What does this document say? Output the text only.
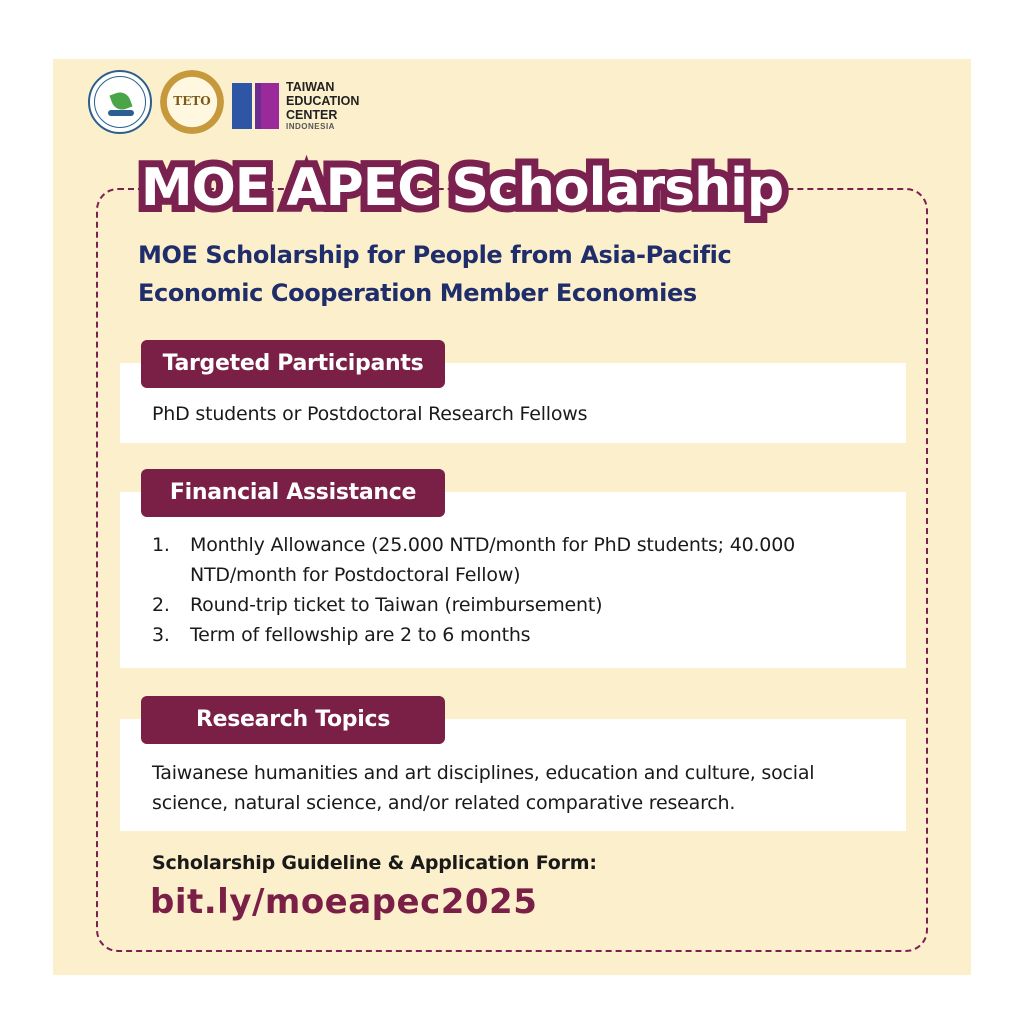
TETO
TAIWAN EDUCATION CENTER
INDONESIA
MOE APEC Scholarship
MOE Scholarship for People from Asia-Pacific Economic Cooperation Member Economies
Targeted Participants
PhD students or Postdoctoral Research Fellows
Financial Assistance
1. Monthly Allowance (25.000 NTD/month for PhD students; 40.000 NTD/month for Postdoctoral Fellow)
2. Round-trip ticket to Taiwan (reimbursement)
3. Term of fellowship are 2 to 6 months
Research Topics
Taiwanese humanities and art disciplines, education and culture, social science, natural science, and/or related comparative research.
Scholarship Guideline & Application Form:
bit.ly/moeapec2025
